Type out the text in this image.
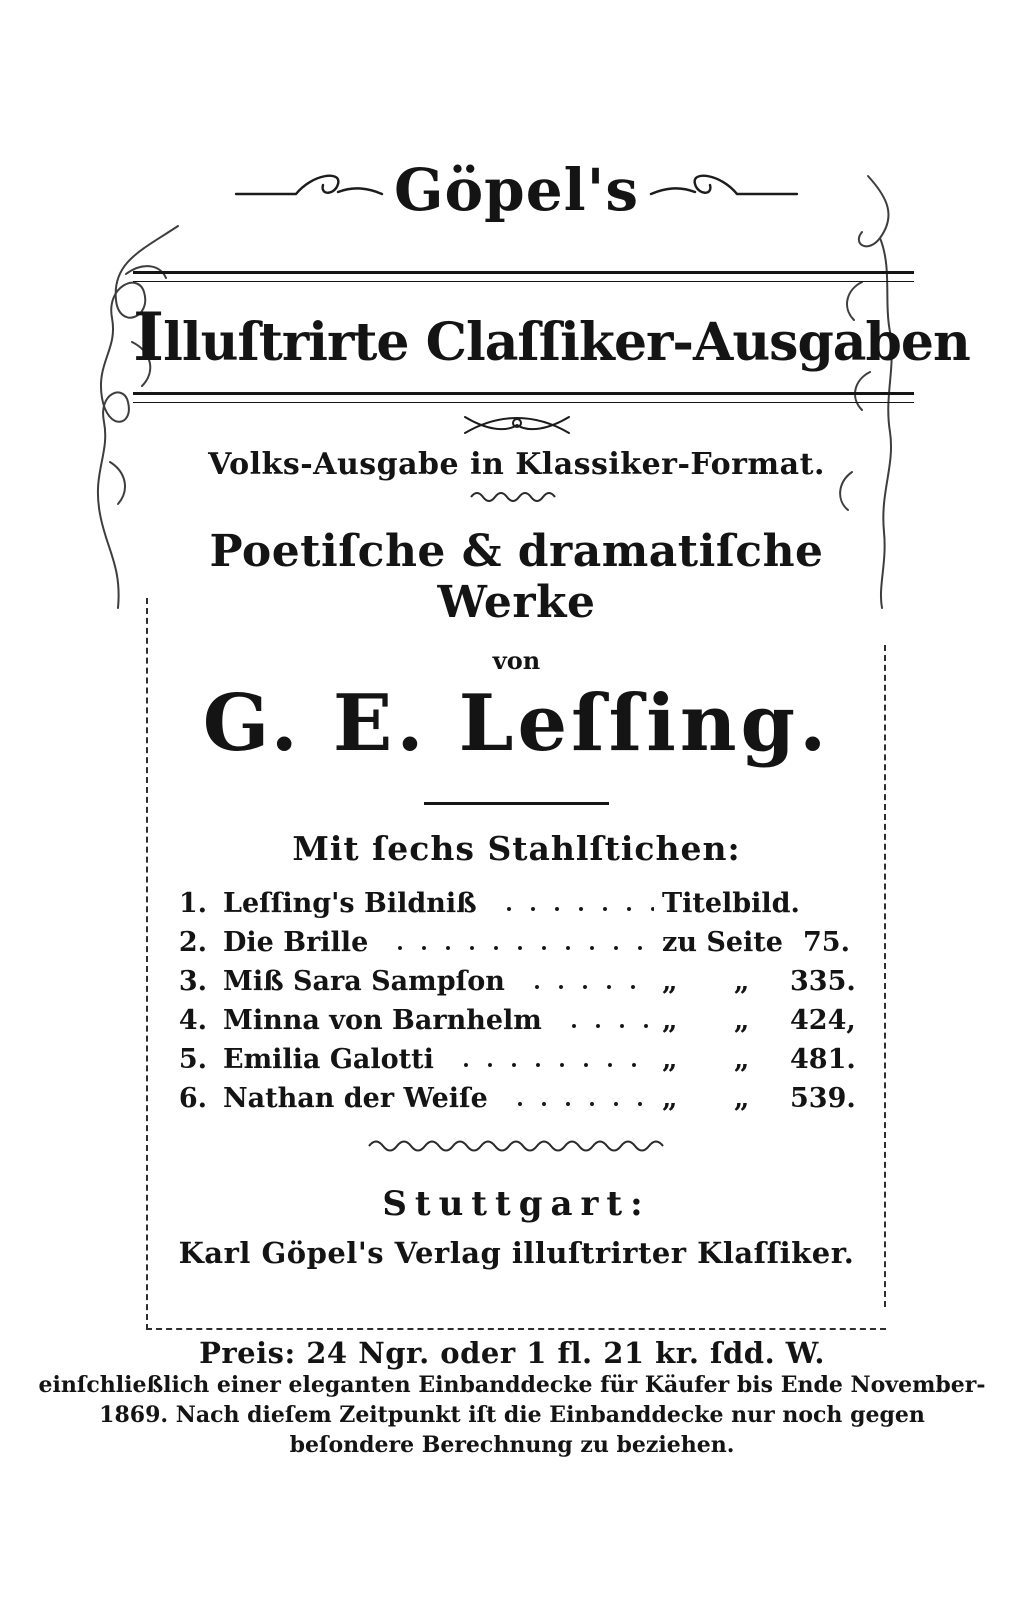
Göpel's
Illuſtrirte Claſſiker-Ausgaben
Volks-Ausgabe in Klassiker-Format.
Poetiſche & dramatiſche Werke
von
G. E. Leſſing.
Mit ſechs Stahlſtichen:
1. Leſſing's Bildniß	Titelbild.
2. Die Brille	zu Seite 75.
3. Miß Sara Sampſon	„      „	335.
4. Minna von Barnhelm	„      „	424,
5. Emilia Galotti	„      „	481.
6. Nathan der Weiſe	„      „	539.
Stuttgart:
Karl Göpel's Verlag illuſtrirter Klaſſiker.
Preis: 24 Ngr. oder 1 fl. 21 kr. ſdd. W.
einſchließlich einer eleganten Einbanddecke für Käufer bis Ende November-
1869. Nach dieſem Zeitpunkt iſt die Einbanddecke nur noch gegen
beſondere Berechnung zu beziehen.
